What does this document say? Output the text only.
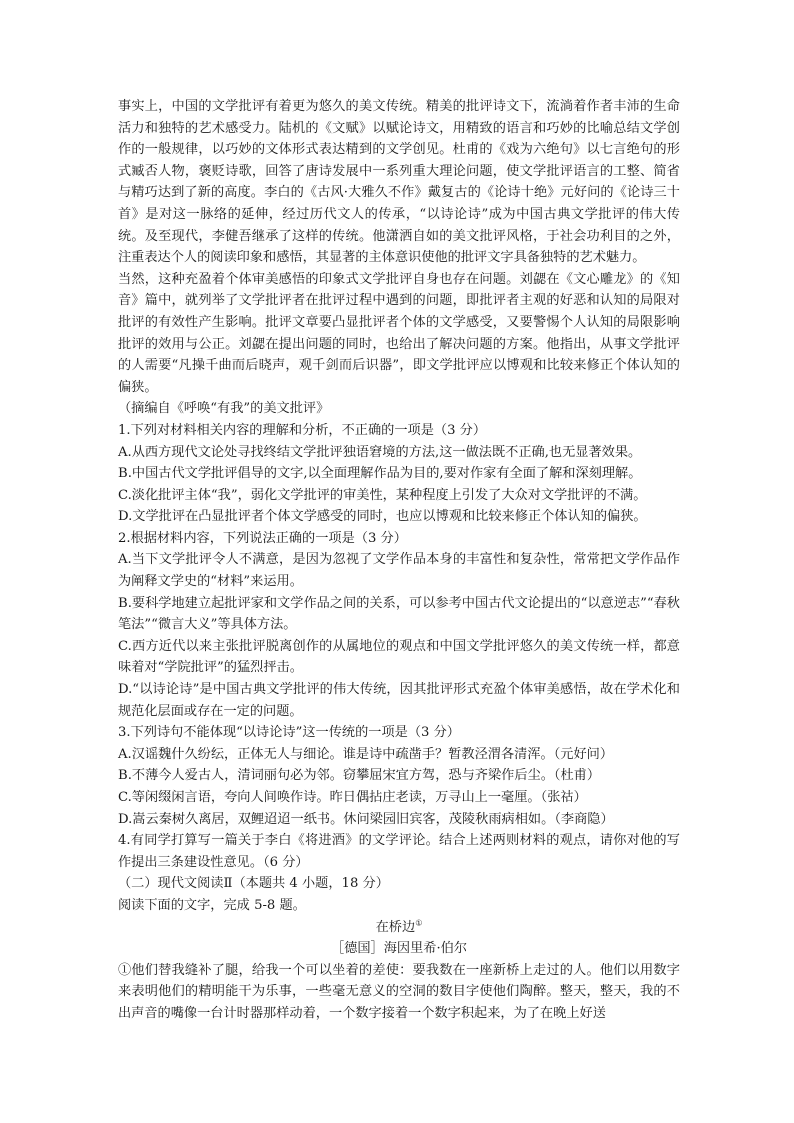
事实上，中国的文学批评有着更为悠久的美文传统。精美的批评诗文下，流淌着作者丰沛的生命活力和独特的艺术感受力。陆机的《文赋》以赋论诗文，用精致的语言和巧妙的比喻总结文学创作的一般规律，以巧妙的文体形式表达精到的文学创见。杜甫的《戏为六绝句》以七言绝句的形式臧否人物，褒贬诗歌，回答了唐诗发展中一系列重大理论问题，使文学批评语言的工整、简省与精巧达到了新的高度。李白的《古风·大雅久不作》戴复古的《论诗十绝》元好问的《论诗三十首》是对这一脉络的延伸，经过历代文人的传承，“以诗论诗”成为中国古典文学批评的伟大传统。及至现代，李健吾继承了这样的传统。他潇洒自如的美文批评风格，于社会功利目的之外，注重表达个人的阅读印象和感悟，其显著的主体意识使他的批评文字具备独特的艺术魅力。

当然，这种充盈着个体审美感悟的印象式文学批评自身也存在问题。刘勰在《文心雕龙》的《知音》篇中，就列举了文学批评者在批评过程中遇到的问题，即批评者主观的好恶和认知的局限对批评的有效性产生影响。批评文章要凸显批评者个体的文学感受，又要警惕个人认知的局限影响批评的效用与公正。刘勰在提出问题的同时，也给出了解决问题的方案。他指出，从事文学批评的人需要“凡操千曲而后晓声，观千剑而后识器”，即文学批评应以博观和比较来修正个体认知的偏狭。

（摘编自《呼唤“有我”的美文批评》

1.下列对材料相关内容的理解和分析，不正确的一项是（3 分）

A.从西方现代文论处寻找终结文学批评独语窘境的方法,这一做法既不正确,也无显著效果。

B.中国古代文学批评倡导的文字,以全面理解作品为目的,要对作家有全面了解和深刻理解。

C.淡化批评主体“我”，弱化文学批评的审美性，某种程度上引发了大众对文学批评的不满。

D.文学批评在凸显批评者个体文学感受的同时，也应以博观和比较来修正个体认知的偏狭。

2.根据材料内容，下列说法正确的一项是（3 分）

A.当下文学批评令人不满意，是因为忽视了文学作品本身的丰富性和复杂性，常常把文学作品作为阐释文学史的“材料”来运用。

B.要科学地建立起批评家和文学作品之间的关系，可以参考中国古代文论提出的“以意逆志”“春秋笔法”“微言大义”等具体方法。

C.西方近代以来主张批评脱离创作的从属地位的观点和中国文学批评悠久的美文传统一样，都意味着对“学院批评”的猛烈抨击。

D.“以诗论诗”是中国古典文学批评的伟大传统，因其批评形式充盈个体审美感悟，故在学术化和规范化层面或存在一定的问题。

3.下列诗句不能体现“以诗论诗”这一传统的一项是（3 分）

A.汉谣魏什久纷纭，正体无人与细论。谁是诗中疏凿手？暂教泾渭各清浑。（元好问）

B.不薄今人爱古人，清词丽句必为邻。窃攀屈宋宜方驾，恐与齐梁作后尘。（杜甫）

C.等闲缀闲言语，夸向人间唤作诗。昨日偶拈庄老读，万寻山上一毫厘。（张祜）

D.嵩云秦树久离居，双鲤迢迢一纸书。休问梁园旧宾客，茂陵秋雨病相如。（李商隐）

4.有同学打算写一篇关于李白《将进酒》的文学评论。结合上述两则材料的观点，请你对他的写作提出三条建设性意见。（6 分）

（二）现代文阅读Ⅱ（本题共 4 小题，18 分）

阅读下面的文字，完成 5-8 题。

在桥边①

［德国］海因里希·伯尔

①他们替我缝补了腿，给我一个可以坐着的差使：要我数在一座新桥上走过的人。他们以用数字来表明他们的精明能干为乐事，一些毫无意义的空洞的数目字使他们陶醉。整天，整天，我的不出声音的嘴像一台计时器那样动着，一个数字接着一个数字积起来，为了在晚上好送
